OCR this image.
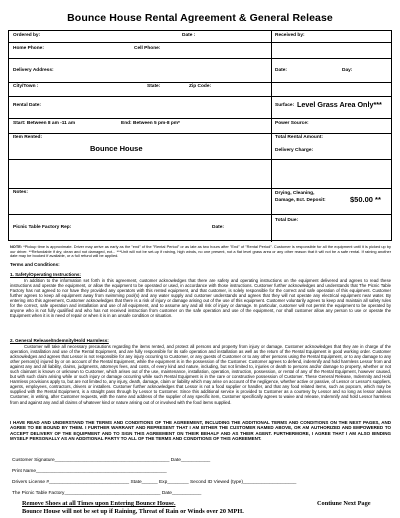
Bounce House Rental Agreement & General Release
Ordered by:	Date :	Received by:
Home Phone:	Cell Phone:
Delivery Address:	Date:	Day:
City/Town :	State:	Zip Code:
Rental Date:	Surface: Level Grass Area Only***
Start: Between 8 am -11 am	End: Between 5 pm-8 pm*	Power Source:
Item Rented:
Bounce House
Total Rental Amount:
Delivery Charge:
Notes:	Drying, Cleaning, Damage, Ect. Deposit:	$50.00 **
Picnic Table Factory Rep:	Date:
Total Due:
NOTE: *Pickup time is approximate. Driver may arrive as early as the "end" of the "Rental Period" or as late as two hours after "End" of "Rental Period". Customer is responsible for all the equipment until it is picked up by our driver. **Refundable if dry, clean and not damaged, ect... ***Unit will not be set-up if raining, high winds, no one present, not a flat level grass area or any other reason that it will not be a safe rental. If raining another date may be booked if available, or a full refund will be applied.
Terms and Conditions:
1. Safety/Operating Instructions:
In addition to the information set forth in this agreement, customer acknowledges that there are safety and operating instructions on the equipment delivered and agrees to read these instructions and operate the equipment, or allow the equipment to be operated or used, in accordance with those instructions. Customer further acknowledges and understands that The Picnic Table Factory has not agreed to nor have they provided any operators with this rented equipment, and that customer, is solely responsible for the correct and safe operation of this equipment. Customer further agrees to keep all equipment away from swimming pool(s) and any water supply and customer understands and agrees that they will not operate any electrical equipment near water. By entering into this agreement, Customer acknowledges that there is a risk of injury or damage arising out of the use of this equipment. Customer voluntarily agrees to keep and maintain all safety rules for the correct, safe operation and installation and use of all equipment, and to assume any and all risk of injury or damage. In particular, customer will not permit the equipment to be operated by anyone who is not fully qualified and who has not received instruction from customer on the safe operation and use of the equipment, nor shall customer allow any person to use or operate the Equipment when it is in need of repair or when it is in an unsafe condition or situation.
2. General Release/Indemnity/Hold Harmless:
Customer will take all necessary precautions regarding the items rented, and protect all persons and property from injury or damage. Customer acknowledges that they are in charge of the operation, installation and use of the Rental Equipment, and are fully responsible for its safe operation and installation as well as the return of the Rental Equipment in good working order. Customer acknowledges and agrees that Lessor is not responsible for any injury occurring to Customer, or any guests of Customer or to any other persons using the Rental Equipment, or to any damage to any other person(s) injured by or on account of the Rental Equipment, while the equipment is in the possession of the Customer. Customer agrees to defend, indemnify and hold harmless Lessor from and against any and all liability, claims, judgments, attorneys fees, and costs, of every kind and nature, including, but not limited to, injuries or death to persons and/or damage to property, whether or not such claimant is known or unknown to Customer, which arises out of the use, maintenance, installation, operation, instruction, possession, or rental of any of the Rental Equipment, however caused, but with such claim arising while or such injury or damage occurring while such Rental Equipment is in the care or constructive possession of Customer. These General Release, Indemnity and Hold Harmless provisions apply to, but are not limited to, any injury, death, damage, claim or liability which may arise on account of the negligence, whether active or passive, of Lessor or Lessor's suppliers, agents, employees, contractors, drivers or installers. Customer further acknowledges that Lessor is not a food supplier or handler, and that any food related items, such as popcorn, which may be supplied with the Rental Equipment, is a straight pass through by Lessor to Customer. Since this additional service is provided to Customer as a courtesy by Lessor and so long as lessor advises Customer, in writing, after Customer requests, with the name and address of the supplier of any specific item, Customer specifically agrees to waive and release, Indemnify and hold Lessor harmless from and against any and all claims of whatever kind or nature arising out of or involved with the food items supplied.
I HAVE READ AND UNDERSTAND THE TERMS AND CONDITIONS OF THE AGREEMENT, INCLUDING THE ADDITIONAL TERMS AND CONDITIONS ON THE NEXT PAGES, AND AGREE TO BE BOUND BY THEM. I FURTHER WARRANT AND REPRESENT THAT I AM EITHER THE CUSTOMER NAMED ABOVE, OR AM AUTHORIZED AND EMPOWERED TO ACCEPT DELIVERY OF THE EQUIPMENT AND TO SIGN THIS AGREEMENT ON THEIR BEHALF AND AS THEIR AGENT. FURTHERMORE, I AGREE THAT I AM ALSO BINDING MYSELF PERSONALLY AS AN ADDITIONAL PARTY TO ALL OF THE TERMS AND CONDITIONS OF THIS AGREEMENT.
Customer Signature___________________________________________ Date___________
Print Name_________________________________________________
Drivers License #______________________________ State______ Exp________ Second ID Viewed (type)____________________
The Picnic Table Factory____________________________________ Date___________
Remove Shoes at all Times upon Entering Bounce House.
Bounce House will not be set up if Raining, Threat of Rain or Winds over 20 MPH.
Contiune Next Page
